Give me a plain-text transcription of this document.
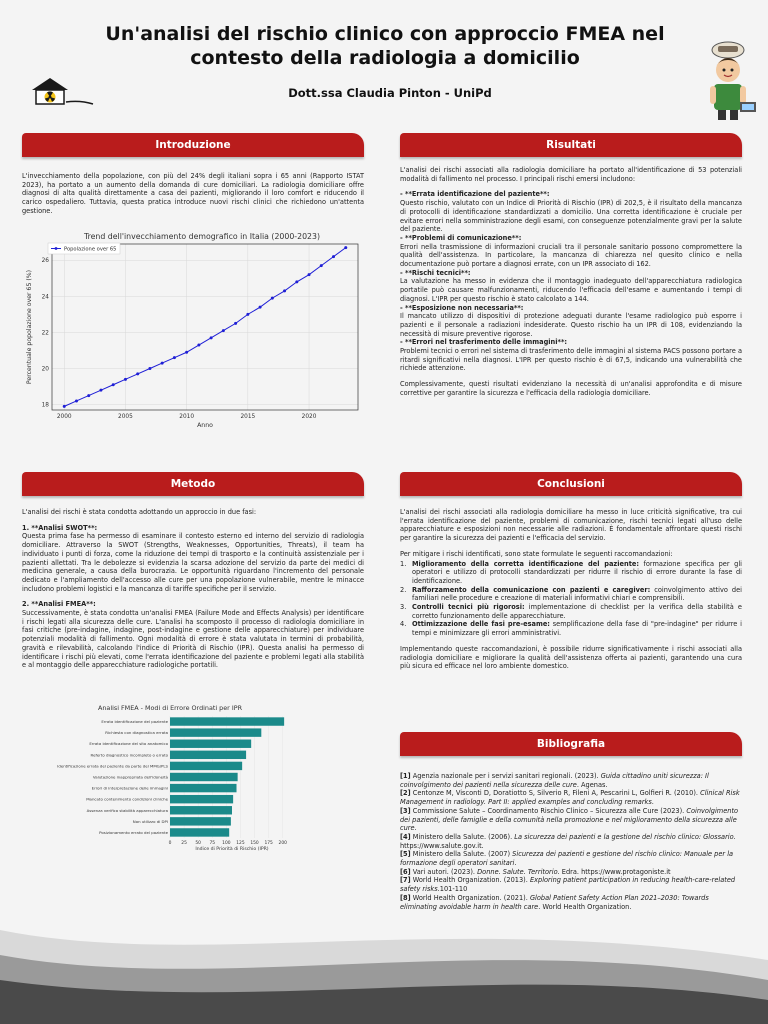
Un'analisi del rischio clinico con approccio FMEA nel contesto della radiologia a domicilio
Dott.ssa Claudia Pinton - UniPd
Introduzione
L'invecchiamento della popolazione, con più del 24% degli italiani sopra i 65 anni (Rapporto ISTAT 2023), ha portato a un aumento della domanda di cure domiciliari. La radiologia domiciliare offre diagnosi di alta qualità direttamente a casa dei pazienti, migliorando il loro comfort e riducendo il carico ospedaliero. Tuttavia, questa pratica introduce nuovi rischi clinici che richiedono un'attenta gestione.
Trend dell'invecchiamento demografico in Italia (2000-2023)
2000	2005	2010	2015	2020
18
20
22
24
26
Popolazione over 65
Anno
Percentuale popolazione over 65 (%)
Risultati

L'analisi dei rischi associati alla radiologia domiciliare ha portato all'identificazione di 53 potenziali modalità di fallimento nel processo. I principali rischi emersi includono:

- **Errata identificazione del paziente**:
Questo rischio, valutato con un Indice di Priorità di Rischio (IPR) di 202,5, è il risultato della mancanza di protocolli di identificazione standardizzati a domicilio. Una corretta identificazione è cruciale per evitare errori nella somministrazione degli esami, con conseguenze potenzialmente gravi per la salute del paziente.
- **Problemi di comunicazione**:
Errori nella trasmissione di informazioni cruciali tra il personale sanitario possono compromettere la qualità dell'assistenza. In particolare, la mancanza di chiarezza nel quesito clinico e nella documentazione può portare a diagnosi errate, con un IPR associato di 162.
- **Rischi tecnici**:
La valutazione ha messo in evidenza che il montaggio inadeguato dell'apparecchiatura radiologica portatile può causare malfunzionamenti, riducendo l'efficacia dell'esame e aumentando i tempi di diagnosi. L'IPR per questo rischio è stato calcolato a 144.
- **Esposizione non necessaria**:
Il mancato utilizzo di dispositivi di protezione adeguati durante l'esame radiologico può esporre i pazienti e il personale a radiazioni indesiderate. Questo rischio ha un IPR di 108, evidenziando la necessità di misure preventive rigorose.
- **Errori nel trasferimento delle immagini**:
Problemi tecnici o errori nel sistema di trasferimento delle immagini al sistema PACS possono portare a ritardi significativi nella diagnosi. L'IPR per questo rischio è di 67,5, indicando una vulnerabilità che richiede attenzione.

Complessivamente, questi risultati evidenziano la necessità di un'analisi approfondita e di misure correttive per garantire la sicurezza e l'efficacia della radiologia domiciliare.

Metodo

L'analisi dei rischi è stata condotta adottando un approccio in due fasi:

1. **Analisi SWOT**:
Questa prima fase ha permesso di esaminare il contesto esterno ed interno del servizio di radiologia domiciliare. Attraverso la SWOT (Strengths, Weaknesses, Opportunities, Threats), il team ha individuato i punti di forza, come la riduzione dei tempi di trasporto e la continuità assistenziale per i pazienti allettati. Tra le debolezze si evidenzia la scarsa adozione del servizio da parte dei medici di medicina generale, a causa della burocrazia. Le opportunità riguardano l'incremento del personale dedicato e l'ampliamento dell'accesso alle cure per una popolazione vulnerabile, mentre le minacce includono problemi logistici e la mancanza di tariffe specifiche per il servizio.
2. **Analisi FMEA**:
Successivamente, è stata condotta un'analisi FMEA (Failure Mode and Effects Analysis) per identificare i rischi legati alla sicurezza delle cure. L'analisi ha scomposto il processo di radiologia domiciliare in fasi critiche (pre-indagine, indagine, post-indagine e gestione delle apparecchiature) per individuare potenziali modalità di fallimento. Ogni modalità di errore è stata valutata in termini di probabilità, gravità e rilevabilità, calcolando l'indice di Priorità di Rischio (IPR). Questa analisi ha permesso di identificare i rischi più elevati, come l'errata identificazione del paziente e problemi legati alla stabilità e al montaggio delle apparecchiature radiologiche portatili.
Analisi FMEA - Modi di Errore Ordinati per IPR
Errata identificazione del paziente
Richiesta con diagnostica errata
Errata identificazione del sito anatomico
Referto diagnostico incompleto o errato
Identificazione errata del paziente da parte del MMG/PLS
Valutazione inappropriata dell'idoneità
Errori di interpretazione delle immagini
Mancato contenimento condizioni cliniche
Assenza verifica stabilità apparecchiatura
Non utilizzo di DPI
Posizionamento errato del paziente
0 25 50 75 100 125 150 175 200
Indice di Priorità di Rischio (IPR)
Conclusioni

L'analisi dei rischi associati alla radiologia domiciliare ha messo in luce criticità significative, tra cui l'errata identificazione del paziente, problemi di comunicazione, rischi tecnici legati all'uso delle apparecchiature e esposizioni non necessarie alle radiazioni. È fondamentale affrontare questi rischi per garantire la sicurezza dei pazienti e l'efficacia del servizio.

Per mitigare i rischi identificati, sono state formulate le seguenti raccomandazioni:

1. Miglioramento della corretta identificazione del paziente: formazione specifica per gli operatori e utilizzo di protocolli standardizzati per ridurre il rischio di errore durante la fase di identificazione.
2. Rafforzamento della comunicazione con pazienti e caregiver: coinvolgimento attivo dei familiari nelle procedure e creazione di materiali informativi chiari e comprensibili.
3. Controlli tecnici più rigorosi: implementazione di checklist per la verifica della stabilità e corretto funzionamento delle apparecchiature.
4. Ottimizzazione delle fasi pre-esame: semplificazione della fase di "pre-indagine" per ridurre i tempi e minimizzare gli errori amministrativi.

Implementando queste raccomandazioni, è possibile ridurre significativamente i rischi associati alla radiologia domiciliare e migliorare la qualità dell'assistenza offerta ai pazienti, garantendo una cura più sicura ed efficace nel loro ambiente domestico.

Bibliografia

[1] Agenzia nazionale per i servizi sanitari regionali. (2023). Guida cittadino uniti sicurezza: Il coinvolgimento dei pazienti nella sicurezza delle cure. Agenas.

[2] Centonze M, Visconti D, Doratiotto S, Silverio R, Fileni A, Pescarini L, Golfieri R. (2010). Clinical Risk Management in radiology. Part II: applied examples and concluding remarks.

[3] Commissione Salute – Coordinamento Rischio Clinico – Sicurezza alle Cure (2023). Coinvolgimento dei pazienti, delle famiglie e della comunità nella promozione e nel miglioramento della sicurezza alle cure.

[4] Ministero della Salute. (2006). La sicurezza dei pazienti e la gestione del rischio clinico: Glossario. https://www.salute.gov.it.

[5] Ministero della Salute. (2007) Sicurezza dei pazienti e gestione del rischio clinico: Manuale per la formazione degli operatori sanitari.

[6] Vari autori. (2023). Donne. Salute. Territorio. Edra. https://www.protagoniste.it

[7] World Health Organization. (2013). Exploring patient participation in reducing health-care-related safety risks.101-110

[8] World Health Organization. (2021). Global Patient Safety Action Plan 2021–2030: Towards eliminating avoidable harm in health care. World Health Organization.
